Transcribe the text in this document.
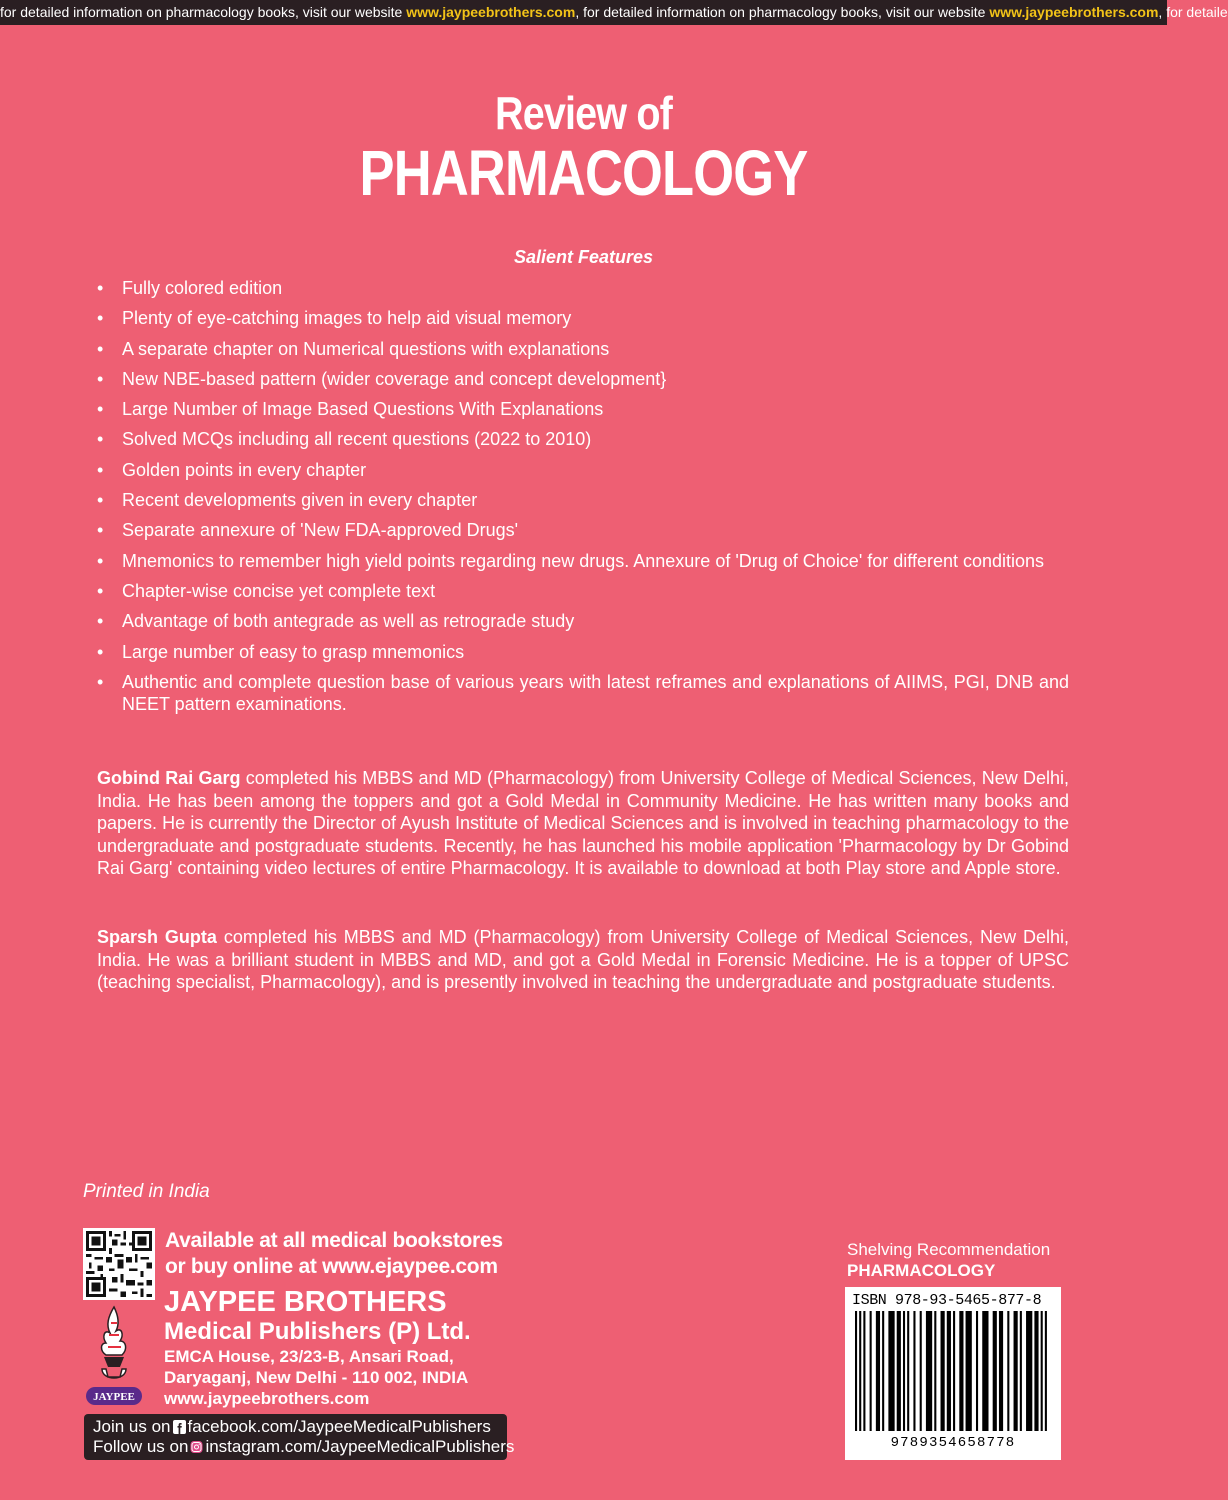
for detailed information on pharmacology books, visit our website www.jaypeebrothers.com, for detailed information on pharmacology books, visit our website www.jaypeebrothers.com, for detaile
Review of
PHARMACOLOGY
Salient Features
• Fully colored edition
• Plenty of eye-catching images to help aid visual memory
• A separate chapter on Numerical questions with explanations
• New NBE-based pattern (wider coverage and concept development}
• Large Number of Image Based Questions With Explanations
• Solved MCQs including all recent questions (2022 to 2010)
• Golden points in every chapter
• Recent developments given in every chapter
• Separate annexure of 'New FDA-approved Drugs'
• Mnemonics to remember high yield points regarding new drugs. Annexure of 'Drug of Choice' for different conditions
• Chapter-wise concise yet complete text
• Advantage of both antegrade as well as retrograde study
• Large number of easy to grasp mnemonics
• Authentic and complete question base of various years with latest reframes and explanations of AIIMS, PGI, DNB and NEET pattern examinations.

Gobind Rai Garg completed his MBBS and MD (Pharmacology) from University College of Medical Sciences, New Delhi, India. He has been among the toppers and got a Gold Medal in Community Medicine. He has written many books and papers. He is currently the Director of Ayush Institute of Medical Sciences and is involved in teaching pharmacology to the undergraduate and postgraduate students. Recently, he has launched his mobile application 'Pharmacology by Dr Gobind Rai Garg' containing video lectures of entire Pharmacology. It is available to download at both Play store and Apple store.

Sparsh Gupta completed his MBBS and MD (Pharmacology) from University College of Medical Sciences, New Delhi, India. He was a brilliant student in MBBS and MD, and got a Gold Medal in Forensic Medicine. He is a topper of UPSC (teaching specialist, Pharmacology), and is presently involved in teaching the undergraduate and postgraduate students.

Printed in India
Available at all medical bookstores
or buy online at www.ejaypee.com
JAYPEE
JAYPEE BROTHERS
Medical Publishers (P) Ltd.
EMCA House, 23/23-B, Ansari Road,
Daryaganj, New Delhi - 110 002, INDIA
www.jaypeebrothers.com
Join us on facebook.com/JaypeeMedicalPublishers
Follow us on instagram.com/JaypeeMedicalPublishers
Shelving Recommendation
PHARMACOLOGY
ISBN 978-93-5465-877-8
9789354658778
